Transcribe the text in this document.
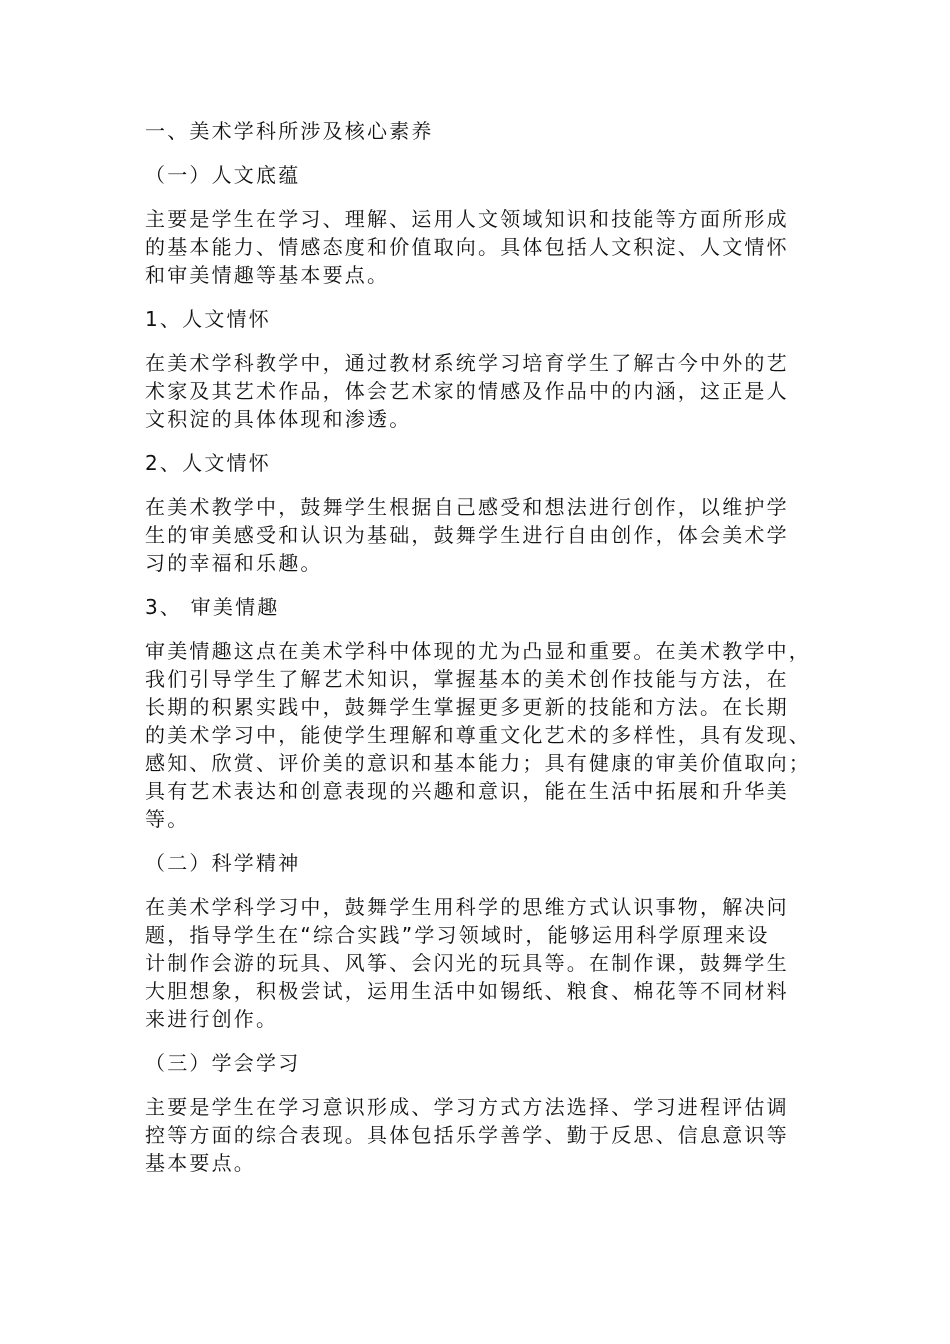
一、美术学科所涉及核心素养
（一）人文底蕴
主要是学生在学习、理解、运用人文领域知识和技能等方面所形成
的基本能力、情感态度和价值取向。具体包括人文积淀、人文情怀
和审美情趣等基本要点。
1、人文情怀
在美术学科教学中，通过教材系统学习培育学生了解古今中外的艺
术家及其艺术作品，体会艺术家的情感及作品中的内涵，这正是人
文积淀的具体体现和渗透。
2、人文情怀
在美术教学中，鼓舞学生根据自己感受和想法进行创作，以维护学
生的审美感受和认识为基础，鼓舞学生进行自由创作，体会美术学
习的幸福和乐趣。
3、 审美情趣
审美情趣这点在美术学科中体现的尤为凸显和重要。在美术教学中，
我们引导学生了解艺术知识，掌握基本的美术创作技能与方法，在
长期的积累实践中，鼓舞学生掌握更多更新的技能和方法。在长期
的美术学习中，能使学生理解和尊重文化艺术的多样性，具有发现、
感知、欣赏、评价美的意识和基本能力；具有健康的审美价值取向；
具有艺术表达和创意表现的兴趣和意识，能在生活中拓展和升华美
等。
（二）科学精神
在美术学科学习中，鼓舞学生用科学的思维方式认识事物，解决问
题，指导学生在“综合实践”学习领域时，能够运用科学原理来设
计制作会游的玩具、风筝、会闪光的玩具等。在制作课，鼓舞学生
大胆想象，积极尝试，运用生活中如锡纸、粮食、棉花等不同材料
来进行创作。
（三）学会学习
主要是学生在学习意识形成、学习方式方法选择、学习进程评估调
控等方面的综合表现。具体包括乐学善学、勤于反思、信息意识等
基本要点。
